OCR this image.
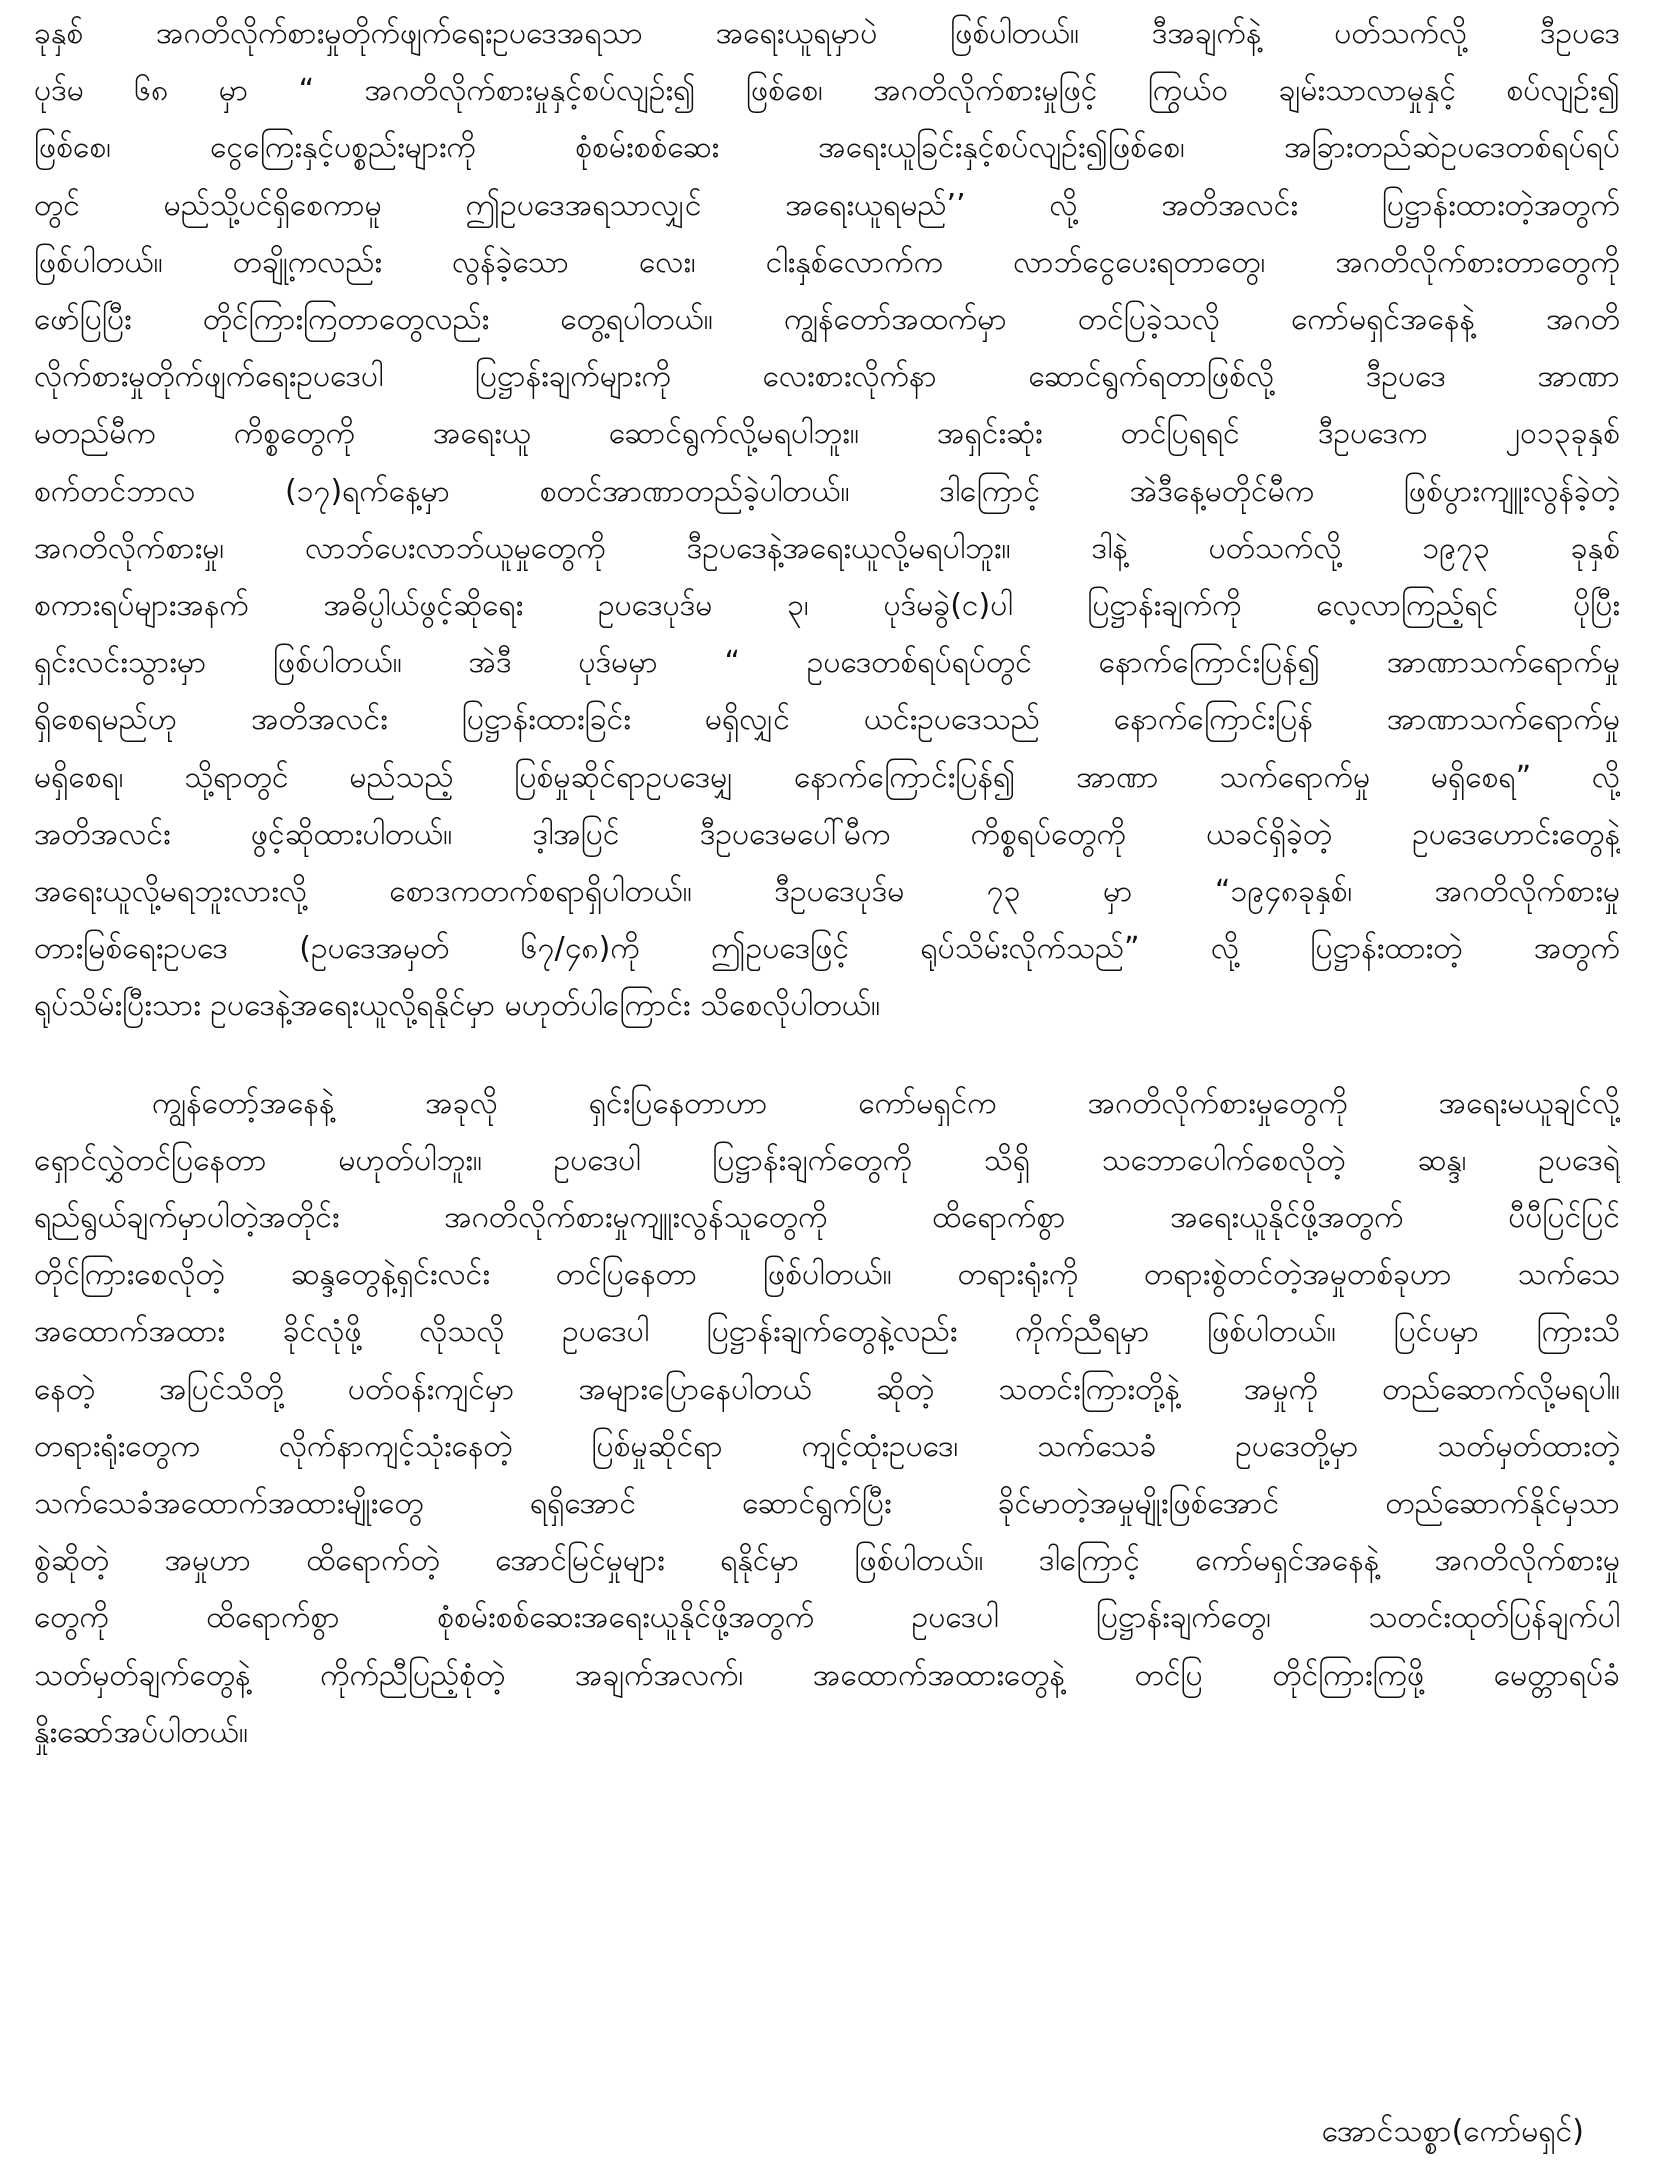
ခုနှစ် အဂတိလိုက်စားမှုတိုက်ဖျက်ရေးဥပဒေအရသာ အရေးယူရမှာပဲ ဖြစ်ပါတယ်။ ဒီအချက်နဲ့ ပတ်သက်လို့ ဒီဥပဒေ
ပုဒ်မ ၆၈ မှာ “ အဂတိလိုက်စားမှုနှင့်စပ်လျဉ်း၍ ဖြစ်စေ၊ အဂတိလိုက်စားမှုဖြင့် ကြွယ်ဝ ချမ်းသာလာမှုနှင့် စပ်လျဉ်း၍
ဖြစ်စေ၊ ငွေကြေးနှင့်ပစ္စည်းများကို စုံစမ်းစစ်ဆေး အရေးယူခြင်းနှင့်စပ်လျဉ်း၍ဖြစ်စေ၊ အခြားတည်ဆဲဥပဒေတစ်ရပ်ရပ်
တွင် မည်သို့ပင်ရှိစေကာမူ ဤဥပဒေအရသာလျှင် အရေးယူရမည်’’ လို့ အတိအလင်း ပြဋ္ဌာန်းထားတဲ့အတွက်
ဖြစ်ပါတယ်။ တချို့ကလည်း လွန်ခဲ့သော လေး၊ ငါးနှစ်လောက်က လာဘ်ငွေပေးရတာတွေ၊ အဂတိလိုက်စားတာတွေကို
ဖော်ပြပြီး တိုင်ကြားကြတာတွေလည်း တွေ့ရပါတယ်။ ကျွန်တော်အထက်မှာ တင်ပြခဲ့သလို ကော်မရှင်အနေနဲ့ အဂတိ
လိုက်စားမှုတိုက်ဖျက်ရေးဥပဒေပါ ပြဋ္ဌာန်းချက်များကို လေးစားလိုက်နာ ဆောင်ရွက်ရတာဖြစ်လို့ ဒီဥပဒေ အာဏာ
မတည်မီက ကိစ္စတွေကို အရေးယူ ဆောင်ရွက်လို့မရပါဘူး။ အရှင်းဆုံး တင်ပြရရင် ဒီဥပဒေက ၂၀၁၃ခုနှစ်
စက်တင်ဘာလ (၁၇)ရက်နေ့မှာ စတင်အာဏာတည်ခဲ့ပါတယ်။ ဒါကြောင့် အဲဒီနေ့မတိုင်မီက ဖြစ်ပွားကျူးလွန်ခဲ့တဲ့
အဂတိလိုက်စားမှု၊ လာဘ်ပေးလာဘ်ယူမှုတွေကို ဒီဥပဒေနဲ့အရေးယူလို့မရပါဘူး။ ဒါနဲ့ ပတ်သက်လို့ ၁၉၇၃ ခုနှစ်
စကားရပ်များအနက် အဓိပ္ပါယ်ဖွင့်ဆိုရေး ဥပဒေပုဒ်မ ၃၊ ပုဒ်မခွဲ(င)ပါ ပြဋ္ဌာန်းချက်ကို လေ့လာကြည့်ရင် ပိုပြီး
ရှင်းလင်းသွားမှာ ဖြစ်ပါတယ်။ အဲဒီ ပုဒ်မမှာ “ ဥပဒေတစ်ရပ်ရပ်တွင် နောက်ကြောင်းပြန်၍ အာဏာသက်ရောက်မှု
ရှိစေရမည်ဟု အတိအလင်း ပြဋ္ဌာန်းထားခြင်း မရှိလျှင် ယင်းဥပဒေသည် နောက်ကြောင်းပြန် အာဏာသက်ရောက်မှု
မရှိစေရ၊ သို့ရာတွင် မည်သည့် ပြစ်မှုဆိုင်ရာဥပဒေမျှ နောက်ကြောင်းပြန်၍ အာဏာ သက်ရောက်မှု မရှိစေရ” လို့
အတိအလင်း ဖွင့်ဆိုထားပါတယ်။ ဒ့ါအပြင် ဒီဥပဒေမပေါ်မီက ကိစ္စရပ်တွေကို ယခင်ရှိခဲ့တဲ့ ဥပဒေဟောင်းတွေနဲ့
အရေးယူလို့မရဘူးလားလို့ စောဒကတက်စရာရှိပါတယ်။ ဒီဥပဒေပုဒ်မ ၇၃ မှာ “၁၉၄၈ခုနှစ်၊ အဂတိလိုက်စားမှု
တားမြစ်ရေးဥပဒေ (ဥပဒေအမှတ် ၆၇/၄၈)ကို ဤဥပဒေဖြင့် ရုပ်သိမ်းလိုက်သည်” လို့ ပြဋ္ဌာန်းထားတဲ့ အတွက်
ရုပ်သိမ်းပြီးသား ဥပဒေနဲ့အရေးယူလို့ရနိုင်မှာ မဟုတ်ပါကြောင်း သိစေလိုပါတယ်။
ကျွန်တော့်အနေနဲ့ အခုလို ရှင်းပြနေတာဟာ ကော်မရှင်က အဂတိလိုက်စားမှုတွေကို အရေးမယူချင်လို့
ရှောင်လွှဲတင်ပြနေတာ မဟုတ်ပါဘူး။ ဥပဒေပါ ပြဋ္ဌာန်းချက်တွေကို သိရှိ သဘောပေါက်စေလိုတဲ့ ဆန္ဒ၊ ဥပဒေရဲ့
ရည်ရွယ်ချက်မှာပါတဲ့အတိုင်း အဂတိလိုက်စားမှုကျူးလွန်သူတွေကို ထိရောက်စွာ အရေးယူနိုင်ဖို့အတွက် ပီပီပြင်ပြင်
တိုင်ကြားစေလိုတဲ့ ဆန္ဒတွေနဲ့ရှင်းလင်း တင်ပြနေတာ ဖြစ်ပါတယ်။ တရားရုံးကို တရားစွဲတင်တဲ့အမှုတစ်ခုဟာ သက်သေ
အထောက်အထား ခိုင်လုံဖို့ လိုသလို ဥပဒေပါ ပြဋ္ဌာန်းချက်တွေနဲ့လည်း ကိုက်ညီရမှာ ဖြစ်ပါတယ်။ ပြင်ပမှာ ကြားသိ
နေတဲ့ အပြင်သိတို့ ပတ်ဝန်းကျင်မှာ အများပြောနေပါတယ် ဆိုတဲ့ သတင်းကြားတို့နဲ့ အမှုကို တည်ဆောက်လို့မရပါ။
တရားရုံးတွေက လိုက်နာကျင့်သုံးနေတဲ့ ပြစ်မှုဆိုင်ရာ ကျင့်ထုံးဥပဒေ၊ သက်သေခံ ဥပဒေတို့မှာ သတ်မှတ်ထားတဲ့
သက်သေခံအထောက်အထားမျိုးတွေ ရရှိအောင် ဆောင်ရွက်ပြီး ခိုင်မာတဲ့အမှုမျိုးဖြစ်အောင် တည်ဆောက်နိုင်မှသာ
စွဲဆိုတဲ့ အမှုဟာ ထိရောက်တဲ့ အောင်မြင်မှုများ ရနိုင်မှာ ဖြစ်ပါတယ်။ ဒါကြောင့် ကော်မရှင်အနေနဲ့ အဂတိလိုက်စားမှု
တွေကို ထိရောက်စွာ စုံစမ်းစစ်ဆေးအရေးယူနိုင်ဖို့အတွက် ဥပဒေပါ ပြဋ္ဌာန်းချက်တွေ၊ သတင်းထုတ်ပြန်ချက်ပါ
သတ်မှတ်ချက်တွေနဲ့ ကိုက်ညီပြည့်စုံတဲ့ အချက်အလက်၊ အထောက်အထားတွေနဲ့ တင်ပြ တိုင်ကြားကြဖို့ မေတ္တာရပ်ခံ
နှိုးဆော်အပ်ပါတယ်။
အောင်သစ္စာ(ကော်မရှင်)
